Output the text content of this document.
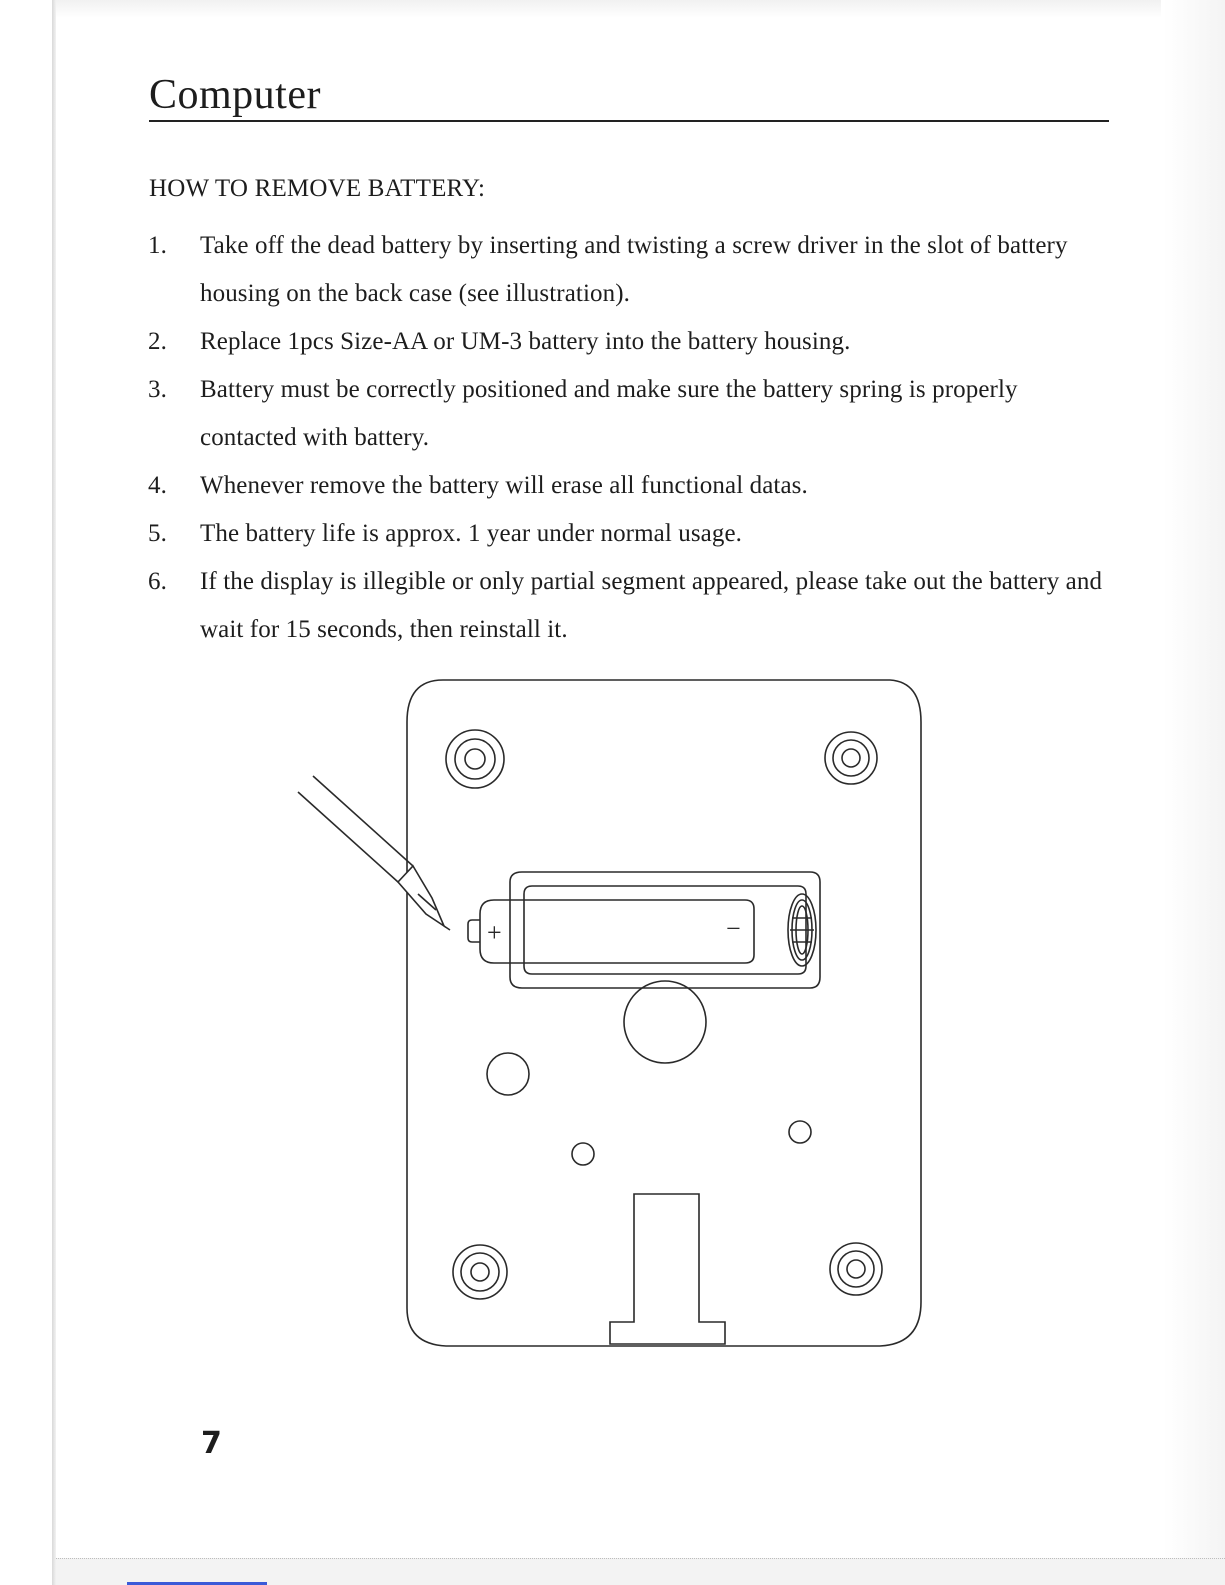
Computer
HOW TO REMOVE BATTERY:
1. Take off the dead battery by inserting and twisting a screw driver in the slot of battery housing on the back case (see illustration).
2. Replace 1pcs Size-AA or UM-3 battery into the battery housing.
3. Battery must be correctly positioned and make sure the battery spring is properly contacted with battery.
4. Whenever remove the battery will erase all functional datas.
5. The battery life is approx. 1 year under normal usage.
6. If the display is illegible or only partial segment appeared, please take out the battery and wait for 15 seconds, then reinstall it.
+	−
7
